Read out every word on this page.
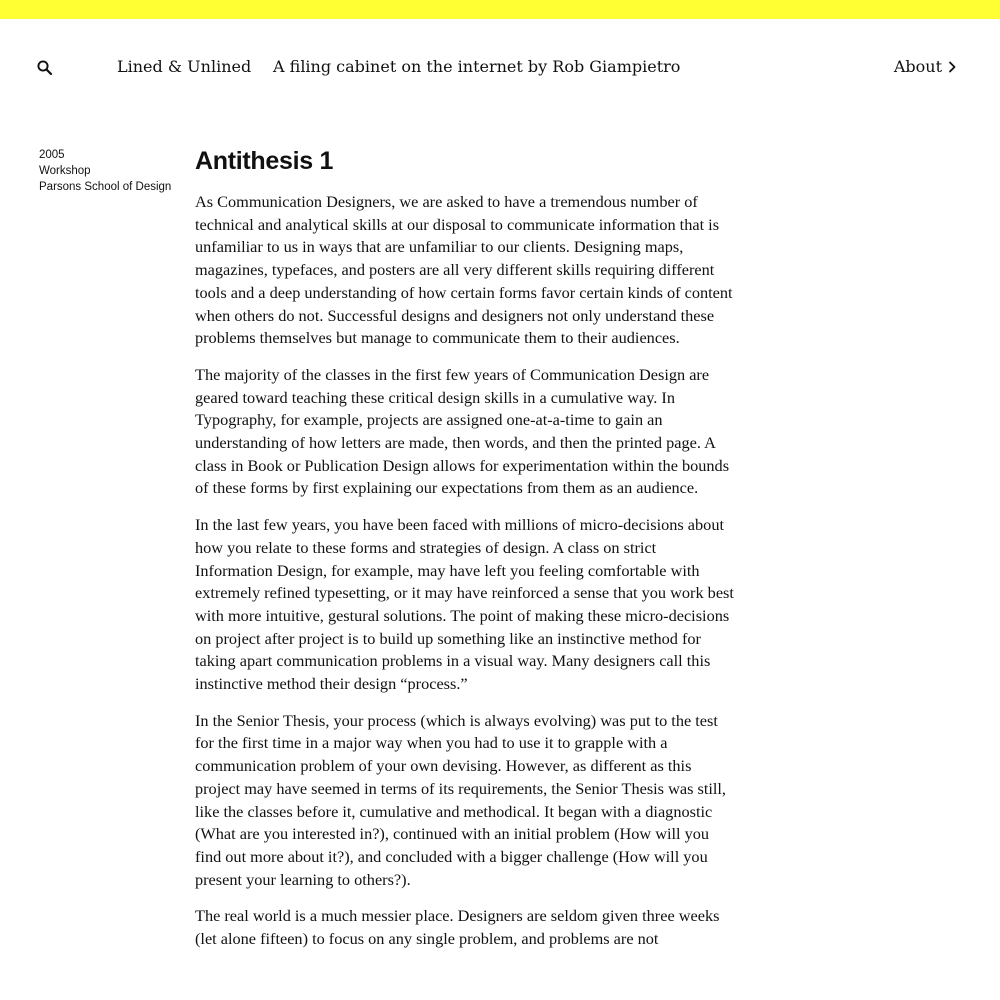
Lined & Unlined A filing cabinet on the internet by Rob Giampietro	About
2005
Workshop
Parsons School of Design
Antithesis 1

As Communication Designers, we are asked to have a tremendous number of technical and analytical skills at our disposal to communicate information that is unfamiliar to us in ways that are unfamiliar to our clients. Designing maps, magazines, typefaces, and posters are all very different skills requiring different tools and a deep understanding of how certain forms favor certain kinds of content when others do not. Successful designs and designers not only understand these problems themselves but manage to communicate them to their audiences.

The majority of the classes in the first few years of Communication Design are geared toward teaching these critical design skills in a cumulative way. In Typography, for example, projects are assigned one-at-a-time to gain an understanding of how letters are made, then words, and then the printed page. A class in Book or Publication Design allows for experimentation within the bounds of these forms by first explaining our expectations from them as an audience.

In the last few years, you have been faced with millions of micro-decisions about how you relate to these forms and strategies of design. A class on strict Information Design, for example, may have left you feeling comfortable with extremely refined typesetting, or it may have reinforced a sense that you work best with more intuitive, gestural solutions. The point of making these micro-decisions on project after project is to build up something like an instinctive method for taking apart communication problems in a visual way. Many designers call this instinctive method their design “process.”

In the Senior Thesis, your process (which is always evolving) was put to the test for the first time in a major way when you had to use it to grapple with a communication problem of your own devising. However, as different as this project may have seemed in terms of its requirements, the Senior Thesis was still, like the classes before it, cumulative and methodical. It began with a diagnostic (What are you interested in?), continued with an initial problem (How will you find out more about it?), and concluded with a bigger challenge (How will you present your learning to others?).

The real world is a much messier place. Designers are seldom given three weeks (let alone fifteen) to focus on any single problem, and problems are not
